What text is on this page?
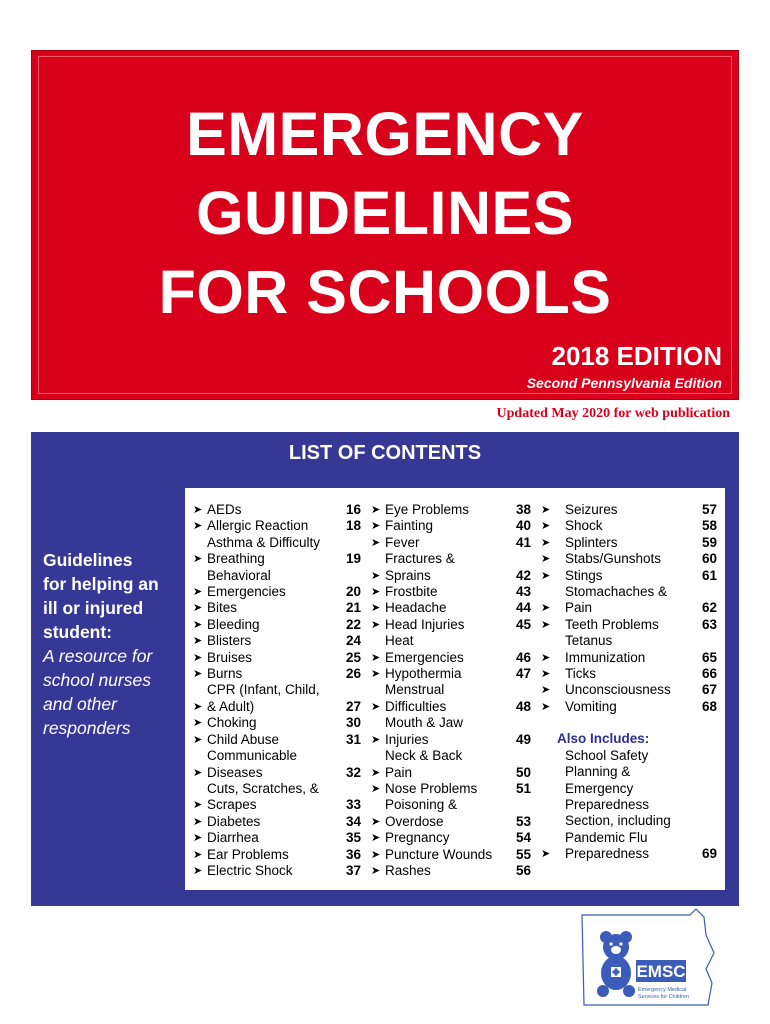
EMERGENCY
GUIDELINES
FOR SCHOOLS
2018 EDITION
Second Pennsylvania Edition
Updated May 2020 for web publication
LIST OF CONTENTS
Guidelines
for helping an
ill or injured
student:
A resource for
school nurses
and other
responders
➤ AEDs	16
➤ Allergic Reaction	18
➤
Asthma & Difficulty
Breathing	19
➤
Behavioral
Emergencies	20
➤ Bites	21
➤ Bleeding	22
➤ Blisters	24
➤ Bruises	25
➤ Burns	26
➤
CPR (Infant, Child,
& Adult)	27
➤ Choking	30
➤ Child Abuse	31
➤
Communicable
Diseases	32
➤
Cuts, Scratches, &
Scrapes	33
➤ Diabetes	34
➤ Diarrhea	35
➤ Ear Problems	36
➤ Electric Shock	37
➤ Eye Problems	38
➤ Fainting	40
➤ Fever	41
➤
Fractures &
Sprains	42
➤ Frostbite	43
➤ Headache	44
➤ Head Injuries	45
➤
Heat
Emergencies	46
➤ Hypothermia	47
➤
Menstrual
Difficulties	48
➤
Mouth & Jaw
Injuries	49
➤
Neck & Back
Pain	50
➤ Nose Problems	51
➤
Poisoning &
Overdose	53
➤ Pregnancy	54
➤ Puncture Wounds	55
➤ Rashes	56
➤	Seizures	57
➤	Shock	58
➤	Splinters	59
➤	Stabs/Gunshots	60
➤	Stings	61
➤
Stomachaches &
Pain	62
➤	Teeth Problems	63
➤
Tetanus
Immunization	65
➤	Ticks	66
➤	Unconsciousness	67
➤	Vomiting	68
Also Includes:
➤
School Safety
Planning &
Emergency
Preparedness
Section, including
Pandemic Flu
Preparedness	69
EMSC
Emergency Medical Services for Children
